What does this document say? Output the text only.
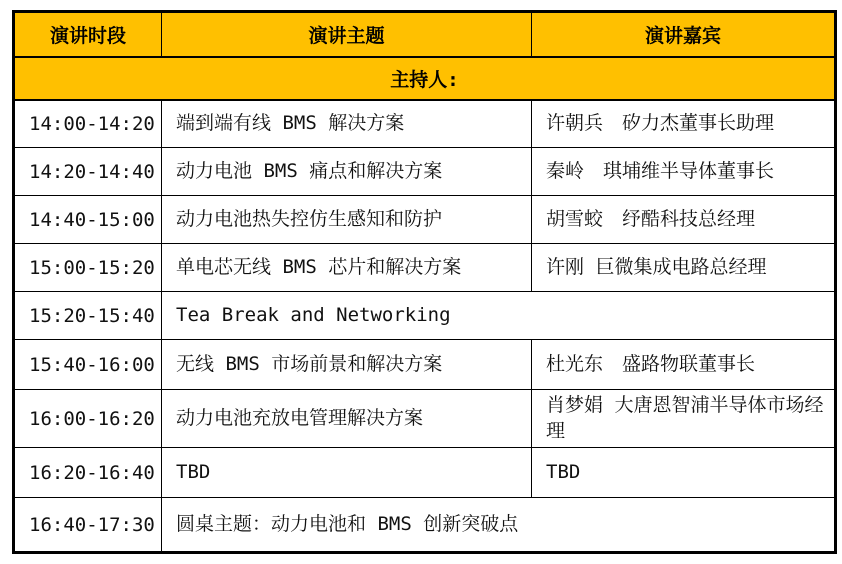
演讲时段	演讲主题	演讲嘉宾
主持人:		
14:00-14:20	端到端有线 BMS 解决方案	许朝兵　矽力杰董事长助理
14:20-14:40	动力电池 BMS 痛点和解决方案	秦岭　琪埔维半导体董事长
14:40-15:00	动力电池热失控仿生感知和防护	胡雪蛟　纾酷科技总经理
15:00-15:20	单电芯无线 BMS 芯片和解决方案	许刚 巨微集成电路总经理
15:20-15:40	Tea Break and Networking	
15:40-16:00	无线 BMS 市场前景和解决方案	杜光东　盛路物联董事长
16:00-16:20	动力电池充放电管理解决方案	肖梦娟 大唐恩智浦半导体市场经理
16:20-16:40	TBD	TBD
16:40-17:30	圆桌主题：动力电池和 BMS 创新突破点	
